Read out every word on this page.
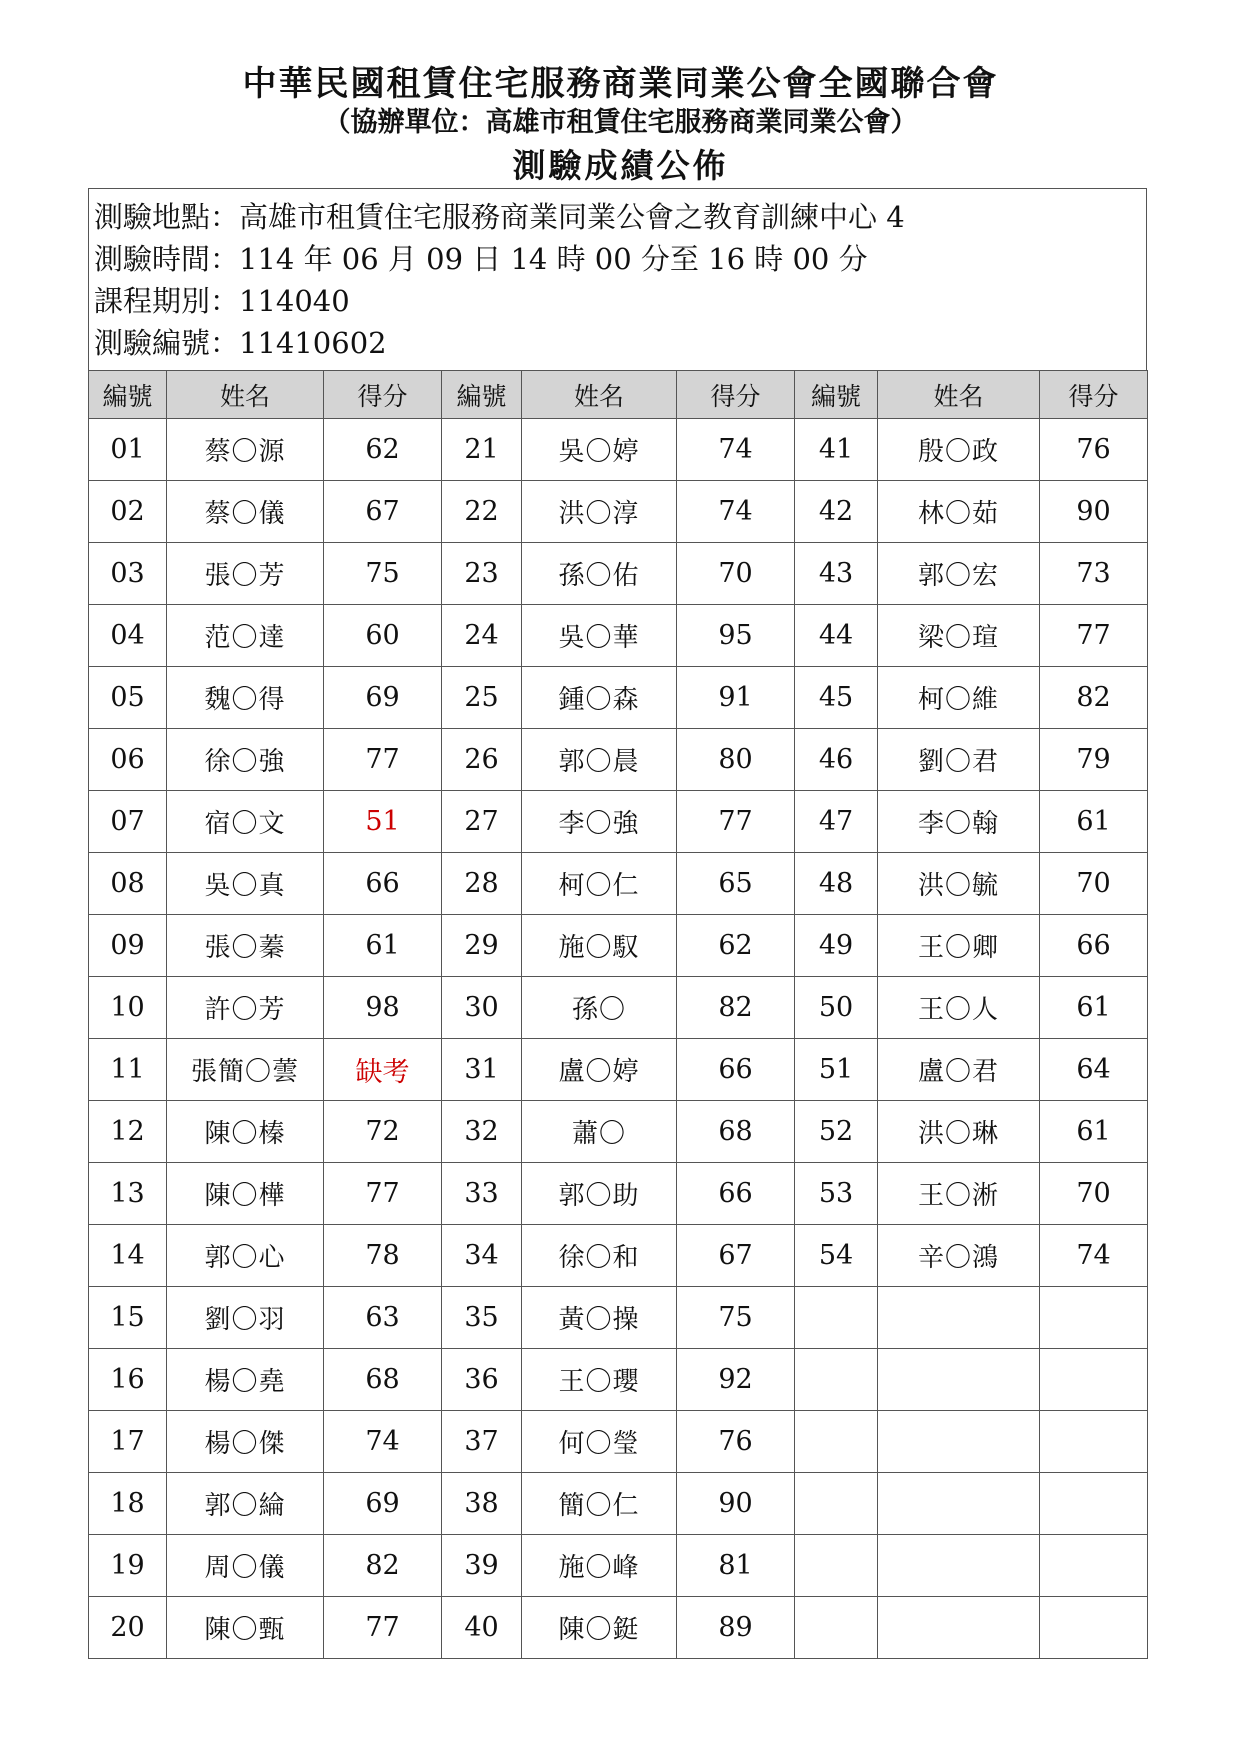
中華民國租賃住宅服務商業同業公會全國聯合會
（協辦單位：高雄市租賃住宅服務商業同業公會）
測驗成績公佈
測驗地點：高雄市租賃住宅服務商業同業公會之教育訓練中心 4
測驗時間：114 年 06 月 09 日 14 時 00 分至 16 時 00 分
課程期別：114040
測驗編號：11410602
編號	姓名	得分	編號	姓名	得分	編號	姓名	得分
01	蔡〇源	62	21	吳〇婷	74	41	殷〇政	76
02	蔡〇儀	67	22	洪〇淳	74	42	林〇茹	90
03	張〇芳	75	23	孫〇佑	70	43	郭〇宏	73
04	范〇達	60	24	吳〇華	95	44	梁〇瑄	77
05	魏〇得	69	25	鍾〇森	91	45	柯〇維	82
06	徐〇強	77	26	郭〇晨	80	46	劉〇君	79
07	宿〇文	51	27	李〇強	77	47	李〇翰	61
08	吳〇真	66	28	柯〇仁	65	48	洪〇毓	70
09	張〇蓁	61	29	施〇馭	62	49	王〇卿	66
10	許〇芳	98	30	孫〇	82	50	王〇人	61
11	張簡〇蕓	缺考	31	盧〇婷	66	51	盧〇君	64
12	陳〇榛	72	32	蕭〇	68	52	洪〇琳	61
13	陳〇樺	77	33	郭〇助	66	53	王〇淅	70
14	郭〇心	78	34	徐〇和	67	54	辛〇鴻	74
15	劉〇羽	63	35	黃〇操	75			
16	楊〇堯	68	36	王〇瓔	92			
17	楊〇傑	74	37	何〇瑩	76			
18	郭〇綸	69	38	簡〇仁	90			
19	周〇儀	82	39	施〇峰	81			
20	陳〇甄	77	40	陳〇鋌	89			
